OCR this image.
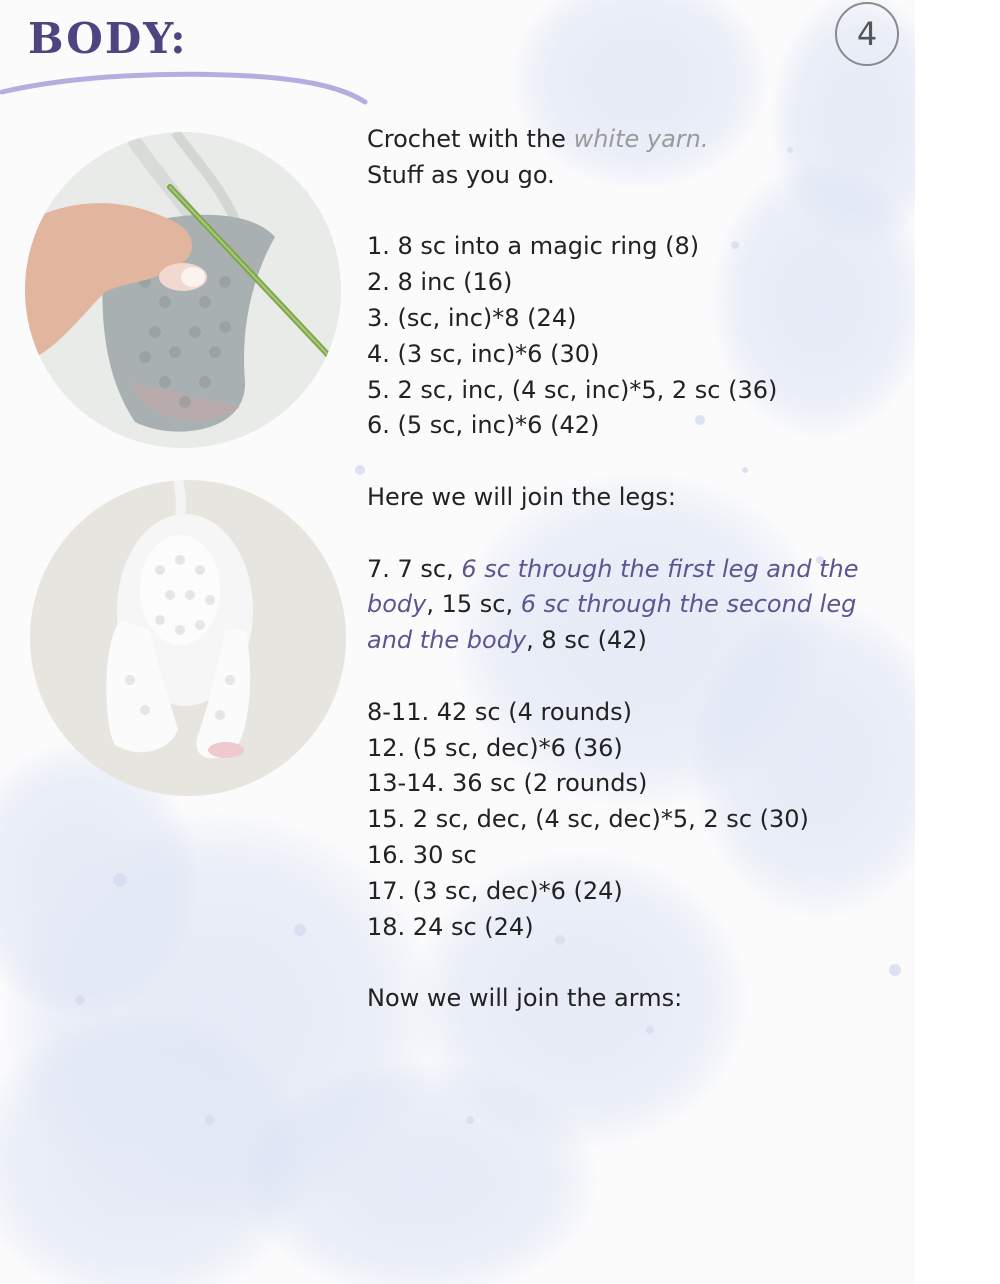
BODY:	4

Crochet with the white yarn.

Stuff as you go.

1. 8 sc into a magic ring (8)

2. 8 inc (16)

3. (sc, inc)*8 (24)

4. (3 sc, inc)*6 (30)

5. 2 sc, inc, (4 sc, inc)*5, 2 sc (36)

6. (5 sc, inc)*6 (42)

Here we will join the legs:

7. 7 sc, 6 sc through the first leg and the body, 15 sc, 6 sc through the second leg and the body, 8 sc (42)

8-11. 42 sc (4 rounds)

12. (5 sc, dec)*6 (36)

13-14. 36 sc (2 rounds)

15. 2 sc, dec, (4 sc, dec)*5, 2 sc (30)

16. 30 sc

17. (3 sc, dec)*6 (24)

18. 24 sc (24)

Now we will join the arms:
